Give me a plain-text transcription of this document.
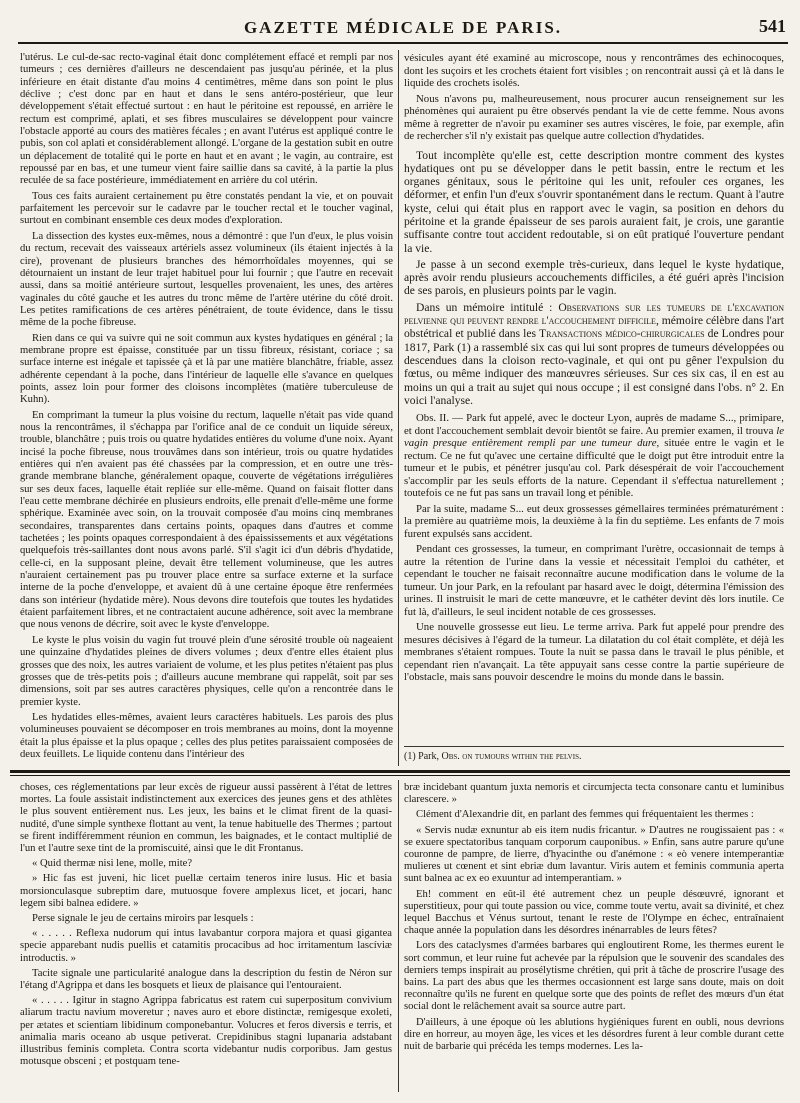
GAZETTE MÉDICALE DE PARIS.	541

l'utérus. Le cul-de-sac recto-vaginal était donc complétement effacé et rempli par nos tumeurs ; ces dernières d'ailleurs ne descendaient pas jusqu'au périnée, et la plus inférieure en était distante d'au moins 4 centimètres, même dans son point le plus déclive ; c'est donc par en haut et dans le sens antéro-postérieur, que leur développement s'était effectué surtout : en haut le péritoine est repoussé, en arrière le rectum est comprimé, aplati, et ses fibres musculaires se développent pour vaincre l'obstacle apporté au cours des matières fécales ; en avant l'utérus est appliqué contre le pubis, son col aplati et considérablement allongé. L'organe de la gestation subit en outre un déplacement de totalité qui le porte en haut et en avant ; le vagin, au contraire, est repoussé par en bas, et une tumeur vient faire saillie dans sa cavité, à la partie la plus reculée de sa face postérieure, immédiatement en arrière du col utérin.

Tous ces faits auraient certainement pu être constatés pendant la vie, et on pouvait parfaitement les percevoir sur le cadavre par le toucher rectal et le toucher vaginal, surtout en combinant ensemble ces deux modes d'exploration.

La dissection des kystes eux-mêmes, nous a démontré : que l'un d'eux, le plus voisin du rectum, recevait des vaisseaux artériels assez volumineux (ils étaient injectés à la cire), provenant de plusieurs branches des hémorrhoïdales moyennes, qui se détournaient un instant de leur trajet habituel pour lui fournir ; que l'autre en recevait aussi, dans sa moitié antérieure surtout, lesquelles provenaient, les unes, des artères vaginales du côté gauche et les autres du tronc même de l'artère utérine du côté droit. Les petites ramifications de ces artères pénétraient, de toute évidence, dans le tissu même de la poche fibreuse.

Rien dans ce qui va suivre qui ne soit commun aux kystes hydatiques en général ; la membrane propre est épaisse, constituée par un tissu fibreux, résistant, coriace ; sa surface interne est inégale et tapissée çà et là par une matière blanchâtre, friable, assez adhérente cependant à la poche, dans l'intérieur de laquelle elle s'avance en quelques points, assez loin pour former des cloisons incomplètes (matière tuberculeuse de Kuhn).

En comprimant la tumeur la plus voisine du rectum, laquelle n'était pas vide quand nous la rencontrâmes, il s'échappa par l'orifice anal de ce conduit un liquide séreux, trouble, blanchâtre ; puis trois ou quatre hydatides entières du volume d'une noix. Ayant incisé la poche fibreuse, nous trouvâmes dans son intérieur, trois ou quatre hydatides entières qui n'en avaient pas été chassées par la compression, et en outre une très-grande membrane blanche, généralement opaque, couverte de végétations irrégulières sur ses deux faces, laquelle était repliée sur elle-même. Quand on faisait flotter dans l'eau cette membrane déchirée en plusieurs endroits, elle prenait d'elle-même une forme sphérique. Examinée avec soin, on la trouvait composée d'au moins cinq membranes secondaires, transparentes dans certains points, opaques dans d'autres et comme tachetées ; les points opaques correspondaient à des épaississements et aux végétations quelquefois très-saillantes dont nous avons parlé. S'il s'agit ici d'un débris d'hydatide, celle-ci, en la supposant pleine, devait être tellement volumineuse, que les autres n'auraient certainement pas pu trouver place entre sa surface externe et la surface interne de la poche d'enveloppe, et avaient dû à une certaine époque être renfermées dans son intérieur (hydatide mère). Nous devons dire toutefois que toutes les hydatides étaient parfaitement libres, et ne contractaient aucune adhérence, soit avec la membrane que nous venons de décrire, soit avec le kyste d'enveloppe.

Le kyste le plus voisin du vagin fut trouvé plein d'une sérosité trouble où nageaient une quinzaine d'hydatides pleines de divers volumes ; deux d'entre elles étaient plus grosses que des noix, les autres variaient de volume, et les plus petites n'étaient pas plus grosses que de très-petits pois ; d'ailleurs aucune membrane qui rappelât, soit par ses dimensions, soit par ses autres caractères physiques, celle qu'on a rencontrée dans le premier kyste.

Les hydatides elles-mêmes, avaient leurs caractères habituels. Les parois des plus volumineuses pouvaient se décomposer en trois membranes au moins, dont la moyenne était la plus épaisse et la plus opaque ; celles des plus petites paraissaient composées de deux feuillets. Le liquide contenu dans l'intérieur des

vésicules ayant été examiné au microscope, nous y rencontrâmes des echinocoques, dont les suçoirs et les crochets étaient fort visibles ; on rencontrait aussi çà et là dans le liquide des crochets isolés.

Nous n'avons pu, malheureusement, nous procurer aucun renseignement sur les phénomènes qui auraient pu être observés pendant la vie de cette femme. Nous avons même à regretter de n'avoir pu examiner ses autres viscères, le foie, par exemple, afin de rechercher s'il n'y existait pas quelque autre collection d'hydatides.

Tout incomplète qu'elle est, cette description montre comment des kystes hydatiques ont pu se développer dans le petit bassin, entre le rectum et les organes génitaux, sous le péritoine qui les unit, refouler ces organes, les déformer, et enfin l'un d'eux s'ouvrir spontanément dans le rectum. Quant à l'autre kyste, celui qui était plus en rapport avec le vagin, sa position en dehors du péritoine et la grande épaisseur de ses parois auraient fait, je crois, une garantie suffisante contre tout accident redoutable, si on eût pratiqué l'ouverture pendant la vie.

Je passe à un second exemple très-curieux, dans lequel le kyste hydatique, après avoir rendu plusieurs accouchements difficiles, a été guéri après l'incision de ses parois, en plusieurs points par le vagin.

Dans un mémoire intitulé : Observations sur les tumeurs de l'excavation pelvienne qui peuvent rendre l'accouchement difficile, mémoire célèbre dans l'art obstétrical et publié dans les Transactions médico-chirurgicales de Londres pour 1817, Park (1) a rassemblé six cas qui lui sont propres de tumeurs développées ou descendues dans la cloison recto-vaginale, et qui ont pu gêner l'expulsion du fœtus, ou même indiquer des manœuvres sérieuses. Sur ces six cas, il en est au moins un qui a trait au sujet qui nous occupe ; il est consigné dans l'obs. n° 2. En voici l'analyse.

Obs. II. — Park fut appelé, avec le docteur Lyon, auprès de madame S..., primipare, et dont l'accouchement semblait devoir bientôt se faire. Au premier examen, il trouva le vagin presque entièrement rempli par une tumeur dure, située entre le vagin et le rectum. Ce ne fut qu'avec une certaine difficulté que le doigt put être introduit entre la tumeur et le pubis, et pénétrer jusqu'au col. Park désespérait de voir l'accouchement s'accomplir par les seuls efforts de la nature. Cependant il s'effectua naturellement ; toutefois ce ne fut pas sans un travail long et pénible.

Par la suite, madame S... eut deux grossesses gémellaires terminées prématurément : la première au quatrième mois, la deuxième à la fin du septième. Les enfants de 7 mois furent expulsés sans accident.

Pendant ces grossesses, la tumeur, en comprimant l'urètre, occasionnait de temps à autre la rétention de l'urine dans la vessie et nécessitait l'emploi du cathéter, et cependant le toucher ne faisait reconnaître aucune modification dans le volume de la tumeur. Un jour Park, en la refoulant par hasard avec le doigt, détermina l'émission des urines. Il instruisit le mari de cette manœuvre, et le cathéter devint dès lors inutile. Ce fut là, d'ailleurs, le seul incident notable de ces grossesses.

Une nouvelle grossesse eut lieu. Le terme arriva. Park fut appelé pour prendre des mesures décisives à l'égard de la tumeur. La dilatation du col était complète, et déjà les membranes s'étaient rompues. Toute la nuit se passa dans le travail le plus pénible, et cependant rien n'avançait. La tête appuyait sans cesse contre la partie supérieure de l'obstacle, mais sans pouvoir descendre le moins du monde dans le bassin.

(1) Park, Obs. on tumours within the pelvis.

choses, ces réglementations par leur excès de rigueur aussi passèrent à l'état de lettres mortes. La foule assistait indistinctement aux exercices des jeunes gens et des athlètes le plus souvent entièrement nus. Les jeux, les bains et le climat firent de la quasi-nudité, d'une simple synthexe flottant au vent, la tenue habituelle des Thermes ; partout se firent indifféremment réunion en commun, les baignades, et le contact multiplié de l'un et l'autre sexe tint de la promiscuité, ainsi que le dit Frontanus.

« Quid thermæ nisi lene, molle, mite?

» Hic fas est juveni, hic licet puellæ certaim teneros inire lusus. Hic et basia morsionculasque subreptim dare, mutuosque fovere amplexus licet, et jocari, hanc legem sibi balnea edidere. »

Perse signale le jeu de certains miroirs par lesquels :

« . . . . . Reflexa nudorum qui intus lavabantur corpora majora et quasi gigantea specie apparebant nudis puellis et catamitis procacibus ad hoc irritamentum lascíviæ introductis. »

Tacite signale une particularité analogue dans la description du festin de Néron sur l'étang d'Agrippa et dans les bosquets et lieux de plaisance qui l'entouraient.

« . . . . . Igitur in stagno Agrippa fabricatus est ratem cui superpositum convivium aliarum tractu navium moveretur ; naves auro et ebore distinctæ, remigesque exoleti, per ætates et scientiam libidinum componebantur. Volucres et feros diversis e terris, et animalia maris oceano ab usque petiverat. Crepidinibus stagni lupanaria adstabant illustribus feminis completa. Contra scorta videbantur nudis corporibus. Jam gestus motusque obsceni ; et postquam tene-

bræ incidebant quantum juxta nemoris et circumjecta tecta consonare cantu et luminibus clarescere. »

Clément d'Alexandrie dit, en parlant des femmes qui fréquentaient les thermes :

« Servis nudæ exnuntur ab eis item nudis fricantur. » D'autres ne rougissaient pas : « se exuere spectatoribus tanquam corporum cauponibus. » Enfin, sans autre parure qu'une couronne de pampre, de lierre, d'hyacinthe ou d'anémone : « eò venere intemperantiæ mulieres ut cœnent et sint ebriæ dum lavantur. Viris autem et feminis communia aperta sunt balnea ac ex eo exuuntur ad intemperantiam. »

Eh! comment en eût-il été autrement chez un peuple désœuvré, ignorant et superstitieux, pour qui toute passion ou vice, comme toute vertu, avait sa divinité, et chez lequel Bacchus et Vénus surtout, tenant le reste de l'Olympe en échec, entraînaient chaque année la population dans les désordres inénarrables de leurs fêtes?

Lors des cataclysmes d'armées barbares qui engloutirent Rome, les thermes eurent le sort commun, et leur ruine fut achevée par la répulsion que le souvenir des scandales des derniers temps inspirait au prosélytisme chrétien, qui prit à tâche de proscrire l'usage des bains. La part des abus que les thermes occasionnent est large sans doute, mais on doit reconnaître qu'ils ne furent en quelque sorte que des points de reflet des mœurs d'un état social dont le relâchement avait sa source autre part.

D'ailleurs, à une époque où les ablutions hygiéniques furent en oubli, nous devrions dire en horreur, au moyen âge, les vices et les désordres furent à leur comble durant cette nuit de barbarie qui précéda les temps modernes. Les la-
